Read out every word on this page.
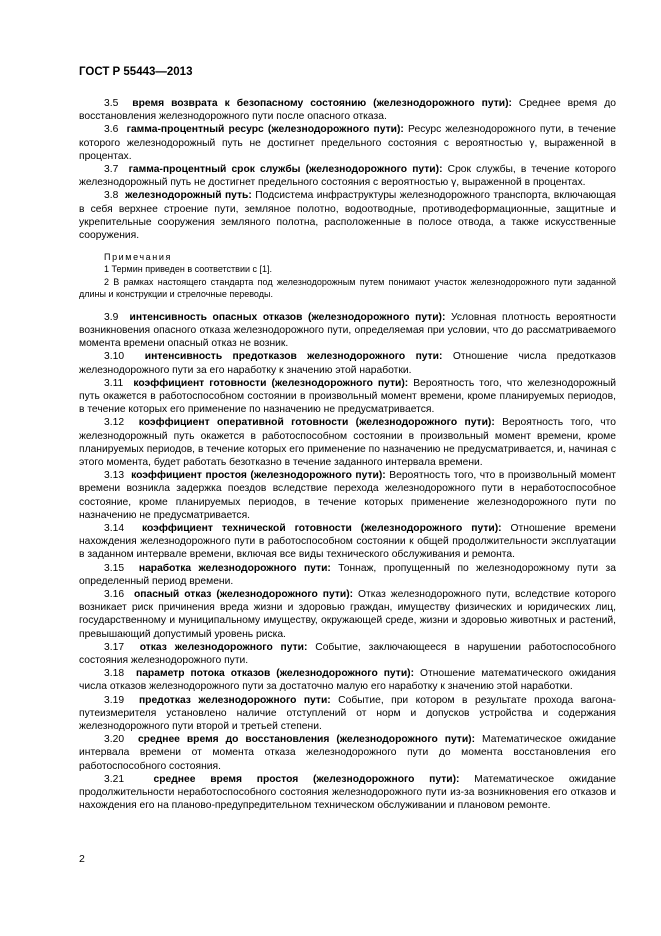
ГОСТ Р 55443—2013

3.5 время возврата к безопасному состоянию (железнодорожного пути): Среднее время до восстановления железнодорожного пути после опасного отказа.

3.6 гамма-процентный ресурс (железнодорожного пути): Ресурс железнодорожного пути, в течение которого железнодорожный путь не достигнет предельного состояния с вероятностью γ, выраженной в процентах.

3.7 гамма-процентный срок службы (железнодорожного пути): Срок службы, в течение которого железнодорожный путь не достигнет предельного состояния с вероятностью γ, выраженной в процентах.

3.8 железнодорожный путь: Подсистема инфраструктуры железнодорожного транспорта, включающая в себя верхнее строение пути, земляное полотно, водоотводные, противодеформационные, защитные и укрепительные сооружения земляного полотна, расположенные в полосе отвода, а также искусственные сооружения.

Примечания

1 Термин приведен в соответствии с [1].

2 В рамках настоящего стандарта под железнодорожным путем понимают участок железнодорожного пути заданной длины и конструкции и стрелочные переводы.

3.9 интенсивность опасных отказов (железнодорожного пути): Условная плотность вероятности возникновения опасного отказа железнодорожного пути, определяемая при условии, что до рассматриваемого момента времени опасный отказ не возник.

3.10 интенсивность предотказов железнодорожного пути: Отношение числа предотказов железнодорожного пути за его наработку к значению этой наработки.

3.11 коэффициент готовности (железнодорожного пути): Вероятность того, что железнодорожный путь окажется в работоспособном состоянии в произвольный момент времени, кроме планируемых периодов, в течение которых его применение по назначению не предусматривается.

3.12 коэффициент оперативной готовности (железнодорожного пути): Вероятность того, что железнодорожный путь окажется в работоспособном состоянии в произвольный момент времени, кроме планируемых периодов, в течение которых его применение по назначению не предусматривается, и, начиная с этого момента, будет работать безотказно в течение заданного интервала времени.

3.13 коэффициент простоя (железнодорожного пути): Вероятность того, что в произвольный момент времени возникла задержка поездов вследствие перехода железнодорожного пути в неработоспособное состояние, кроме планируемых периодов, в течение которых применение железнодорожного пути по назначению не предусматривается.

3.14 коэффициент технической готовности (железнодорожного пути): Отношение времени нахождения железнодорожного пути в работоспособном состоянии к общей продолжительности эксплуатации в заданном интервале времени, включая все виды технического обслуживания и ремонта.

3.15 наработка железнодорожного пути: Тоннаж, пропущенный по железнодорожному пути за определенный период времени.

3.16 опасный отказ (железнодорожного пути): Отказ железнодорожного пути, вследствие которого возникает риск причинения вреда жизни и здоровью граждан, имуществу физических и юридических лиц, государственному и муниципальному имуществу, окружающей среде, жизни и здоровью животных и растений, превышающий допустимый уровень риска.

3.17 отказ железнодорожного пути: Событие, заключающееся в нарушении работоспособного состояния железнодорожного пути.

3.18 параметр потока отказов (железнодорожного пути): Отношение математического ожидания числа отказов железнодорожного пути за достаточно малую его наработку к значению этой наработки.

3.19 предотказ железнодорожного пути: Событие, при котором в результате прохода вагона-путеизмерителя установлено наличие отступлений от норм и допусков устройства и содержания железнодорожного пути второй и третьей степени.

3.20 среднее время до восстановления (железнодорожного пути): Математическое ожидание интервала времени от момента отказа железнодорожного пути до момента восстановления его работоспособного состояния.

3.21	среднее время простоя (железнодорожного пути): Математическое ожидание продолжительности неработоспособного состояния железнодорожного пути из-за возникновения его отказов и нахождения его на планово-предупредительном техническом обслуживании и плановом ремонте.

2
